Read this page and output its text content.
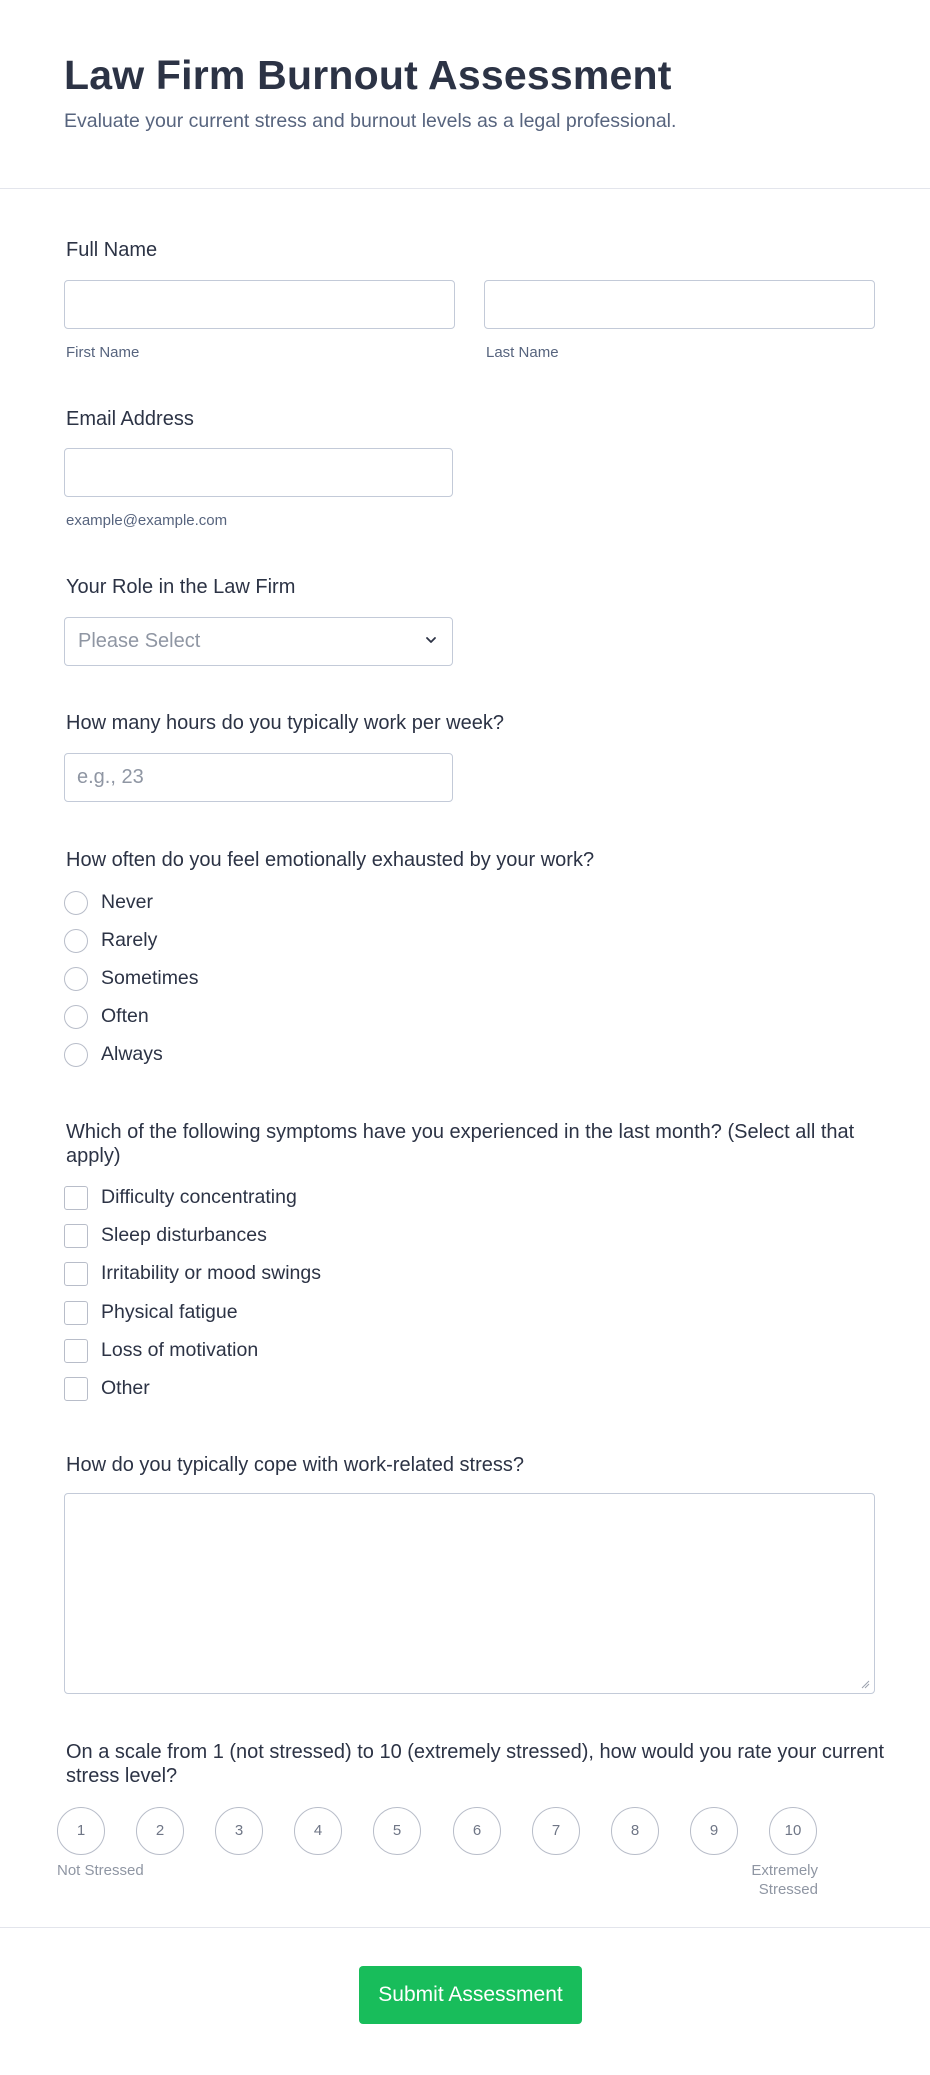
Law Firm Burnout Assessment
Evaluate your current stress and burnout levels as a legal professional.
Full Name
First Name	Last Name
Email Address
example@example.com
Your Role in the Law Firm
Please Select
How many hours do you typically work per week?
e.g., 23
How often do you feel emotionally exhausted by your work?
Never
Rarely
Sometimes
Often
Always
Which of the following symptoms have you experienced in the last month? (Select all that apply)
Difficulty concentrating
Sleep disturbances
Irritability or mood swings
Physical fatigue
Loss of motivation
Other
How do you typically cope with work-related stress?
On a scale from 1 (not stressed) to 10 (extremely stressed), how would you rate your current stress level?
1	2	3	4	5	6	7	8	9	10
Not Stressed	Extremely
Stressed
Submit Assessment
